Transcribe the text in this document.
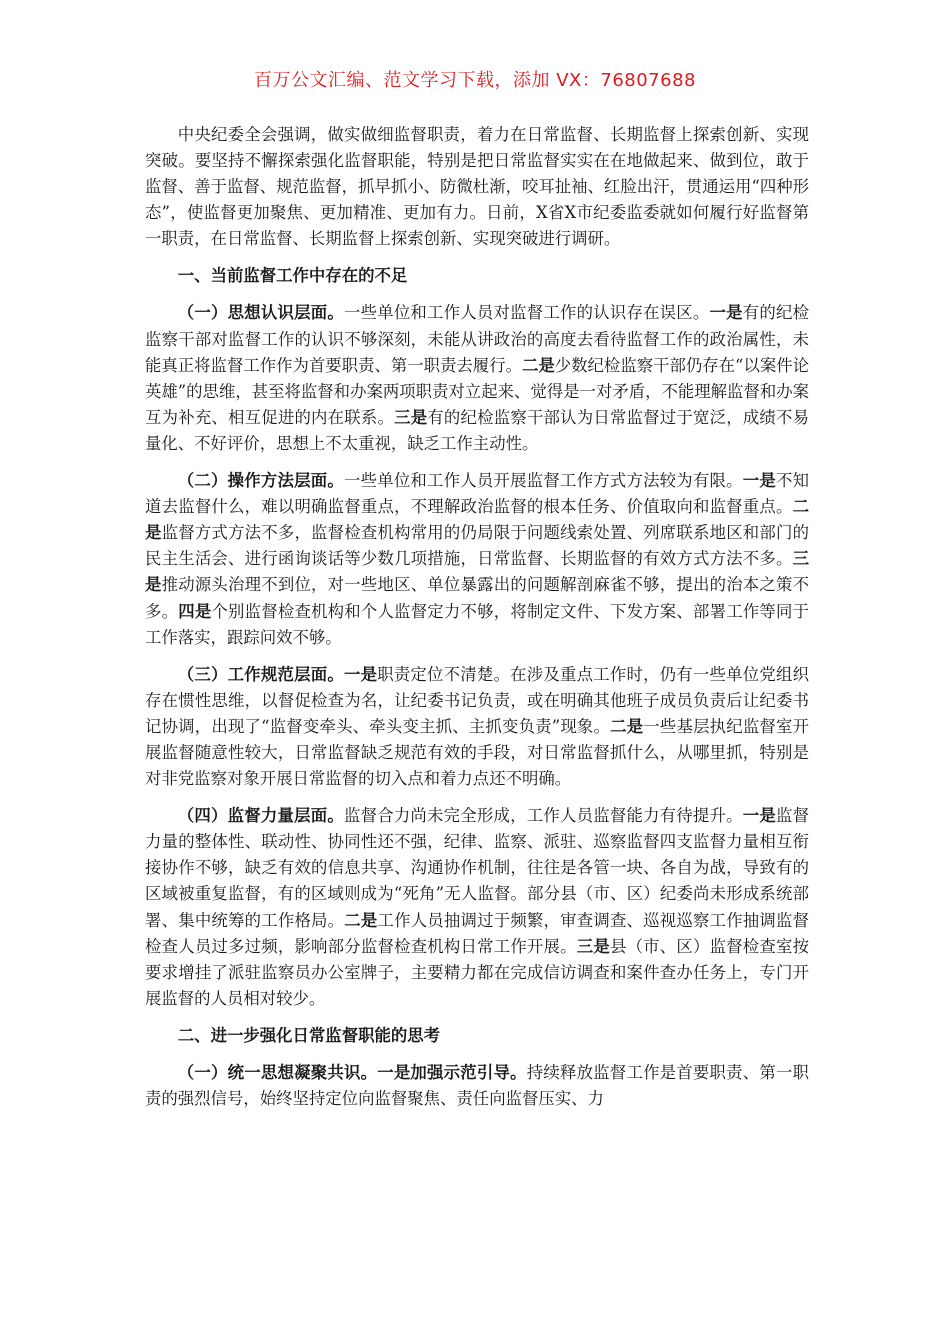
百万公文汇编、范文学习下载，添加 VX：76807688

中央纪委全会强调，做实做细监督职责，着力在日常监督、长期监督上探索创新、实现突破。要坚持不懈探索强化监督职能，特别是把日常监督实实在在地做起来、做到位，敢于监督、善于监督、规范监督，抓早抓小、防微杜渐，咬耳扯袖、红脸出汗，贯通运用“四种形态”，使监督更加聚焦、更加精准、更加有力。日前，X省X市纪委监委就如何履行好监督第一职责，在日常监督、长期监督上探索创新、实现突破进行调研。

一、当前监督工作中存在的不足

（一）思想认识层面。一些单位和工作人员对监督工作的认识存在误区。一是有的纪检监察干部对监督工作的认识不够深刻，未能从讲政治的高度去看待监督工作的政治属性，未能真正将监督工作作为首要职责、第一职责去履行。二是少数纪检监察干部仍存在“以案件论英雄”的思维，甚至将监督和办案两项职责对立起来、觉得是一对矛盾，不能理解监督和办案互为补充、相互促进的内在联系。三是有的纪检监察干部认为日常监督过于宽泛，成绩不易量化、不好评价，思想上不太重视，缺乏工作主动性。

（二）操作方法层面。一些单位和工作人员开展监督工作方式方法较为有限。一是不知道去监督什么，难以明确监督重点，不理解政治监督的根本任务、价值取向和监督重点。二是监督方式方法不多，监督检查机构常用的仍局限于问题线索处置、列席联系地区和部门的民主生活会、进行函询谈话等少数几项措施，日常监督、长期监督的有效方式方法不多。三是推动源头治理不到位，对一些地区、单位暴露出的问题解剖麻雀不够，提出的治本之策不多。四是个别监督检查机构和个人监督定力不够，将制定文件、下发方案、部署工作等同于工作落实，跟踪问效不够。

（三）工作规范层面。一是职责定位不清楚。在涉及重点工作时，仍有一些单位党组织存在惯性思维，以督促检查为名，让纪委书记负责，或在明确其他班子成员负责后让纪委书记协调，出现了“监督变牵头、牵头变主抓、主抓变负责”现象。二是一些基层执纪监督室开展监督随意性较大，日常监督缺乏规范有效的手段，对日常监督抓什么，从哪里抓，特别是对非党监察对象开展日常监督的切入点和着力点还不明确。

（四）监督力量层面。监督合力尚未完全形成，工作人员监督能力有待提升。一是监督力量的整体性、联动性、协同性还不强，纪律、监察、派驻、巡察监督四支监督力量相互衔接协作不够，缺乏有效的信息共享、沟通协作机制，往往是各管一块、各自为战，导致有的区域被重复监督，有的区域则成为“死角”无人监督。部分县（市、区）纪委尚未形成系统部署、集中统筹的工作格局。二是工作人员抽调过于频繁，审查调查、巡视巡察工作抽调监督检查人员过多过频，影响部分监督检查机构日常工作开展。三是县（市、区）监督检查室按要求增挂了派驻监察员办公室牌子，主要精力都在完成信访调查和案件查办任务上，专门开展监督的人员相对较少。

二、进一步强化日常监督职能的思考

（一）统一思想凝聚共识。一是加强示范引导。持续释放监督工作是首要职责、第一职责的强烈信号，始终坚持定位向监督聚焦、责任向监督压实、力
